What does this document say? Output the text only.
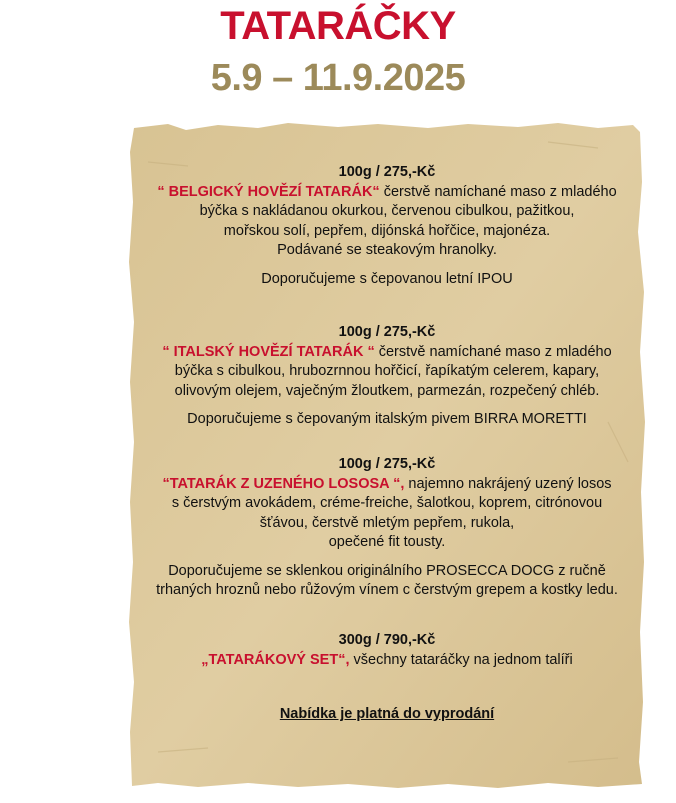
TATARÁČKY
5.9 – 11.9.2025
100g / 275,-Kč
“ BELGICKÝ HOVĚZÍ TATARÁK“ čerstvě namíchané maso z mladého
býčka s nakládanou okurkou, červenou cibulkou, pažitkou,
mořskou solí, pepřem, dijónská hořčice, majonéza.
Podávané se steakovým hranolky.
Doporučujeme s čepovanou letní IPOU
100g / 275,-Kč
“ ITALSKÝ HOVĚZÍ TATARÁK “ čerstvě namíchané maso z mladého
býčka s cibulkou, hrubozrnnou hořčicí, řapíkatým celerem, kapary,
olivovým olejem, vaječným žloutkem, parmezán, rozpečený chléb.
Doporučujeme s čepovaným italským pivem BIRRA MORETTI
100g / 275,-Kč
“TATARÁK Z UZENÉHO LOSOSA “, najemno nakrájený uzený losos
s čerstvým avokádem, créme-freiche, šalotkou, koprem, citrónovou
šťávou, čerstvě mletým pepřem, rukola,
opečené fit tousty.
Doporučujeme se sklenkou originálního PROSECCA DOCG z ručně
trhaných hroznů nebo růžovým vínem c čerstvým grepem a kostky ledu.
300g / 790,-Kč
„TATARÁKOVÝ SET“, všechny tataráčky na jednom talíři
Nabídka je platná do vyprodání
